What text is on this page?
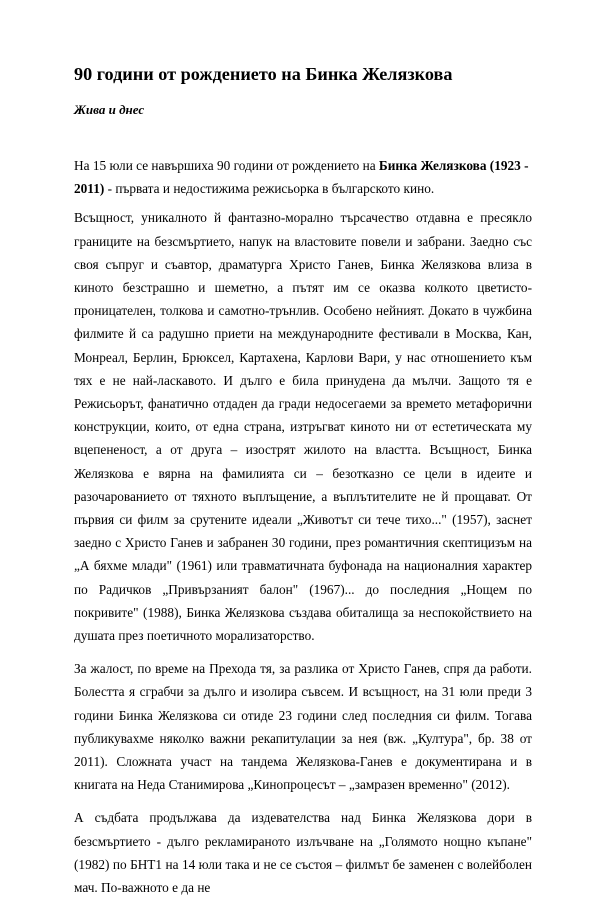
90 години от рождението на Бинка Желязкова
Жива и днес

На 15 юли се навършиха 90 години от рождението на Бинка Желязкова (1923 - 2011) - първата и недостижима режисьорка в българското кино.

Всъщност, уникалното й фантазно-морално търсачество отдавна е пресякло границите на безсмъртието, напук на властовите повели и забрани. Заедно със своя съпруг и съавтор, драматурга Христо Ганев, Бинка Желязкова влиза в киното безстрашно и шеметно, а пътят им се оказва колкото цветисто-проницателен, толкова и самотно-трънлив. Особено нейният. Докато в чужбина филмите й са радушно приети на международните фестивали в Москва, Кан, Монреал, Берлин, Брюксел, Картахена, Карлови Вари, у нас отношението към тях е не най-ласкавото. И дълго е била принудена да мълчи. Защото тя е Режисьорът, фанатично отдаден да гради недосегаеми за времето метафорични конструкции, които, от една страна, изтръгват киното ни от естетическата му вцепененост, а от друга – изострят жилото на властта. Всъщност, Бинка Желязкова е вярна на фамилията си – безотказно се цели в идеите и разочарованието от тяхното въплъщение, а въплътителите не й прощават. От първия си филм за срутените идеали „Животът си тече тихо..." (1957), заснет заедно с Христо Ганев и забранен 30 години, през романтичния скептицизъм на „А бяхме млади" (1961) или травматичната буфонада на националния характер по Радичков „Привързаният балон" (1967)... до последния „Нощем по покривите" (1988), Бинка Желязкова създава обиталища за неспокойствието на душата през поетичното морализаторство.

За жалост, по време на Прехода тя, за разлика от Христо Ганев, спря да работи. Болестта я сграбчи за дълго и изолира съвсем. И всъщност, на 31 юли преди 3 години Бинка Желязкова си отиде 23 години след последния си филм. Тогава публикувахме няколко важни рекапитулации за нея (вж. „Култура", бр. 38 от 2011). Сложната участ на тандема Желязкова-Ганев е документирана и в книгата на Неда Станимирова „Кинопроцесът – „замразен временно" (2012).

А съдбата продължава да издевателства над Бинка Желязкова дори в безсмъртието - дълго рекламираното излъчване на „Голямото нощно къпане" (1982) по БНТ1 на 14 юли така и не се състоя – филмът бе заменен с волейболен мач. По-важното е да не
